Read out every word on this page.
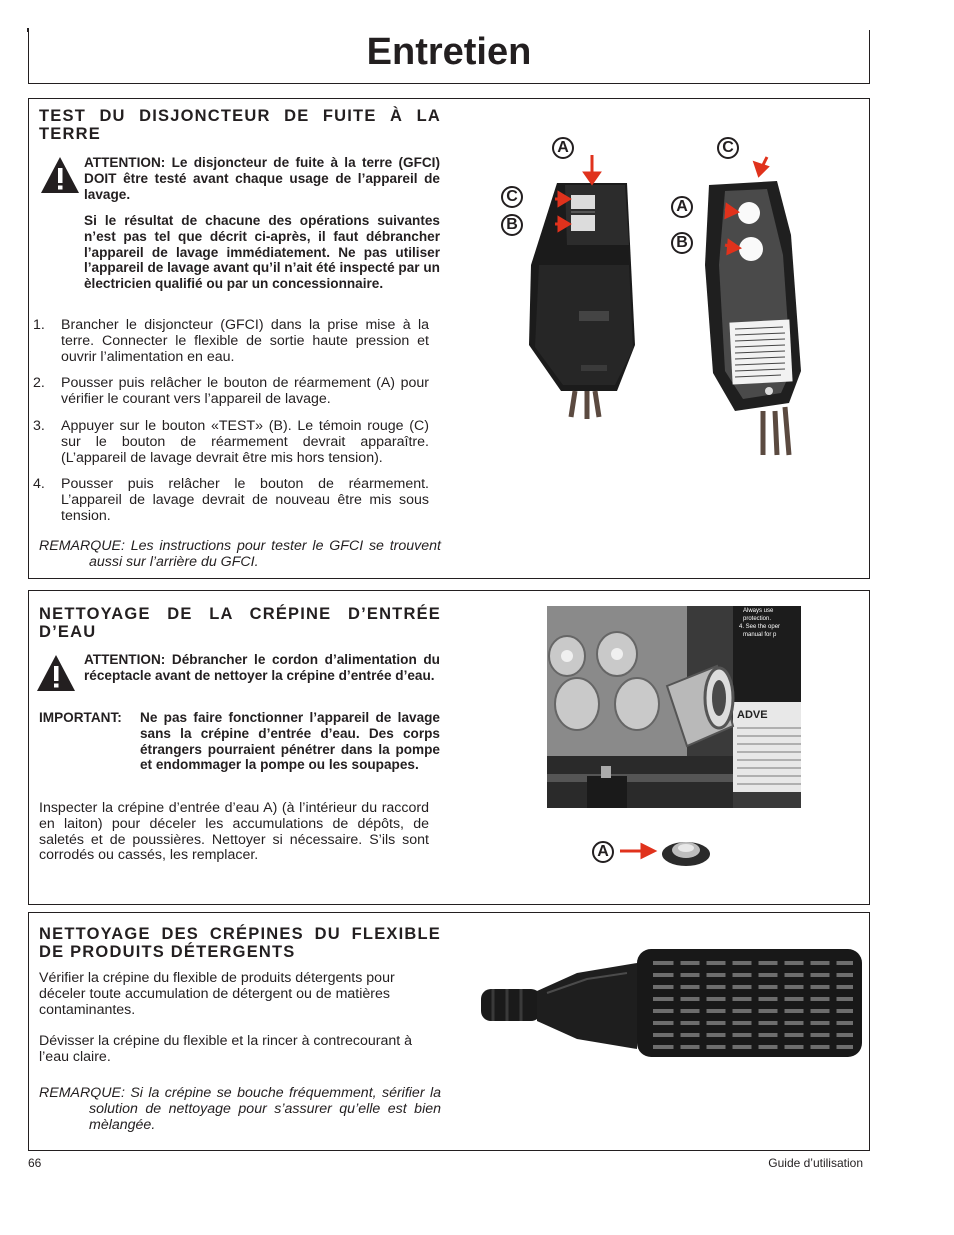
Entretien
TEST DU DISJONCTEUR DE FUITE À LA TERRE

ATTENTION: Le disjoncteur de fuite à la terre (GFCI) DOIT être testé avant chaque usage de l’appareil de lavage.

Si le résultat de chacune des opérations suivantes n’est pas tel que décrit ci-après, il faut débrancher l’appareil de lavage immédiatement. Ne pas utiliser l’appareil de lavage avant qu’il n’ait été inspecté par un èlectricien qualifié ou par un concessionnaire.

1. Brancher le disjoncteur (GFCI) dans la prise mise à la terre. Connecter le flexible de sortie haute pression et ouvrir l’alimentation en eau.
2. Pousser puis relâcher le bouton de réarmement (A) pour vérifier le courant vers l’appareil de lavage.
3. Appuyer sur le bouton «TEST» (B). Le témoin rouge (C) sur le bouton de réarmement devrait apparaître. (L’appareil de lavage devrait être mis hors tension).
4. Pousser puis relâcher le bouton de réarmement. L’appareil de lavage devrait de nouveau être mis sous tension.

REMARQUE: Les instructions pour tester le GFCI se trouvent aussi sur l’arrière du GFCI.

A	C
C
B
A
B
NETTOYAGE DE LA CRÉPINE D’ENTRÉE D’EAU

ATTENTION: Débrancher le cordon d’alimentation du réceptacle avant de nettoyer la crépine d’entrée d’eau.

IMPORTANT:	Ne pas faire fonctionner l’appareil de lavage sans la crépine d’entrée d’eau. Des corps étrangers pourraient pénétrer dans la pompe et endommager la pompe ou les soupapes.

Inspecter la crépine d’entrée d’eau A) (à l’intérieur du raccord en laiton) pour déceler les accumulations de dépôts, de saletés et de poussières. Nettoyer si nécessaire. S’ils sont corrodés ou cassés, les remplacer.

Always use
protection.
4. See the oper
manual for p
ADVE
A
NETTOYAGE DES CRÉPINES DU FLEXIBLE DE PRODUITS DÉTERGENTS

Vérifier la crépine du flexible de produits détergents pour déceler toute accumulation de détergent ou de matières contaminantes.

Dévisser la crépine du flexible et la rincer à contrecourant à l’eau claire.

REMARQUE: Si la crépine se bouche fréquemment, sérifier la solution de nettoyage pour s’assurer qu’elle est bien mèlangée.

66	Guide d’utilisation
